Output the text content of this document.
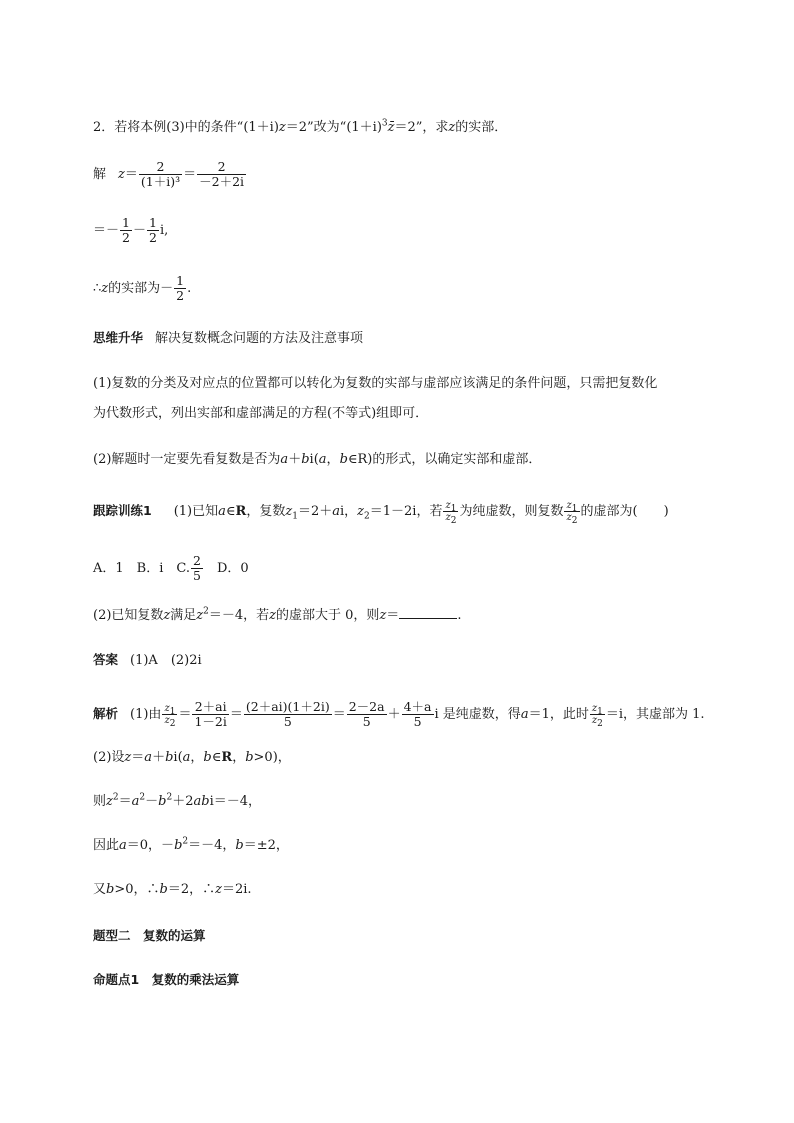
2．若将本例(3)中的条件“(1＋i)z＝2”改为“$(1+i)^3z̄=2$”，求z的实部．
解 $z= \frac{2}{\text{(1＋i)³}} = \frac{2}{-2+2i}$
＝－ $\frac{1}{2} - \frac{1}{2} i$,
∴z的实部为－ $\frac{1}{2}$ .
思维升华 解决复数概念问题的方法及注意事项
(1)复数的分类及对应点的位置都可以转化为复数的实部与虚部应该满足的条件问题，只需把复数化
为代数形式，列出实部和虚部满足的方程(不等式)组即可．
(2)解题时一定要先看复数是否为a＋bi(a，b∈R)的形式，以确定实部和虚部．
跟踪训练1 (1)已知a∈R，复数$z_1=2+ai$，$z_2=1-2i$，若 $\frac{z_1}{z_2}$ 为纯虚数，则复数 $\frac{z_1}{z_2}$ 的虚部为(　　)
A．1　B．i　C. $\frac{2}{5}$
　 D．0
(2)已知复数z满足$z^2=-4$，若z的虚部大于 0，则z＝	.
答案 (1)A　(2)2i
解析 (1)由 $\frac{z_1}{z_2} = \frac{2+ai}{1-2i} = \frac{(2+ai)(1+2i)}{5} = \frac{2-2a}{5} + \frac{4+a}{5}$ i 是纯虚数，得a＝1，此时 $\frac{z_1}{z_2} =i$，其虚部为 1.
(2)设z＝a＋bi(a，b∈R，b>0)，
则$z^2=a^2-b^2+2abi=-4$，
因此a＝0，$-b^2=-4$，b＝±2，
又b>0，∴b＝2，∴z＝2i.
题型二　复数的运算
命题点1　复数的乘法运算
